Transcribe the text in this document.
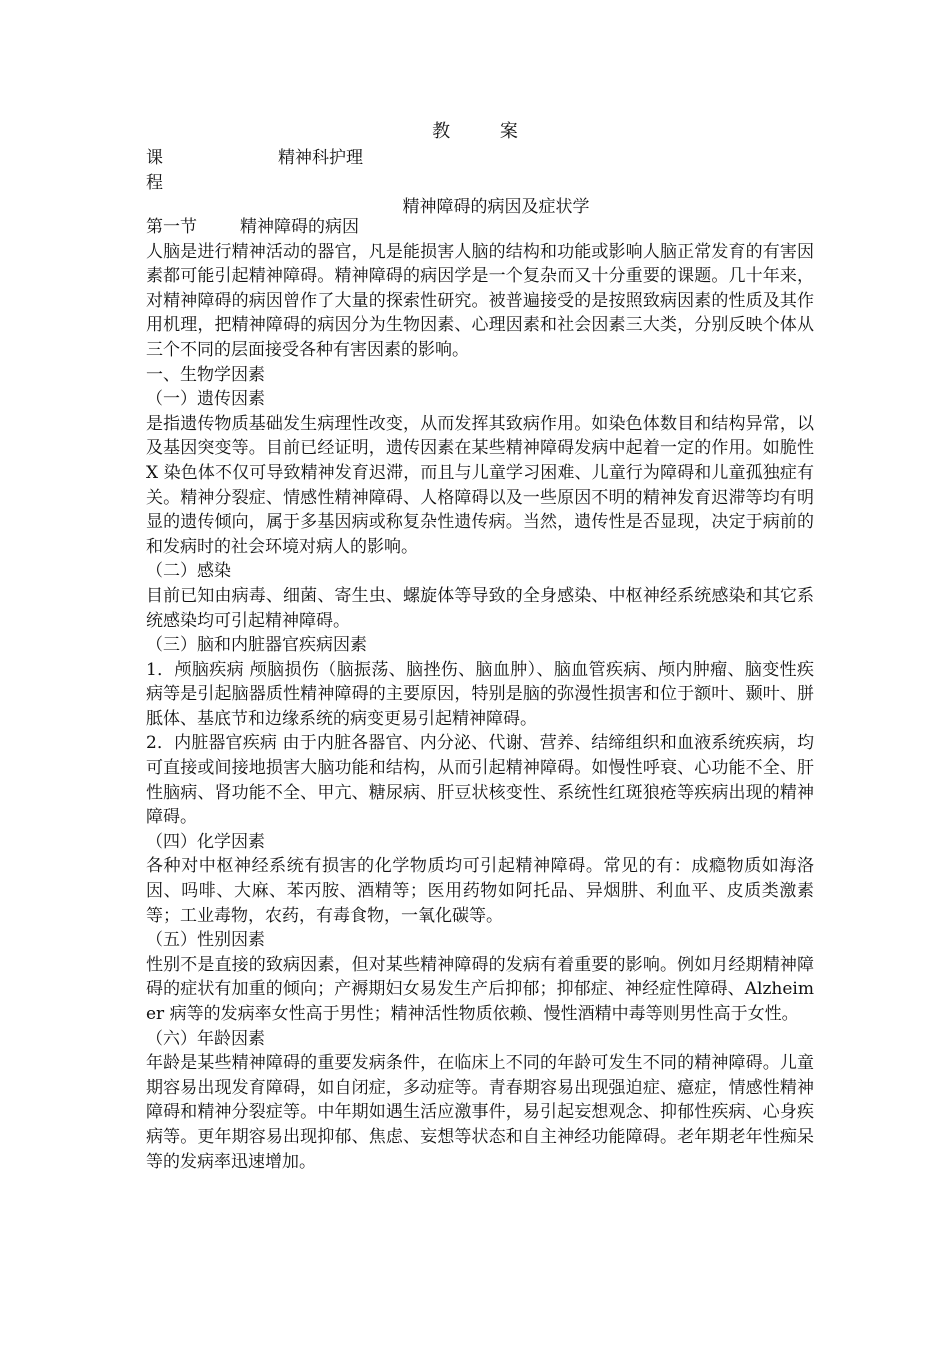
教 案
课 程
精神科护理
精神障碍的病因及症状学
第一节	精神障碍的病因

人脑是进行精神活动的器官，凡是能损害人脑的结构和功能或影响人脑正常发育的有害因素都可能引起精神障碍。精神障碍的病因学是一个复杂而又十分重要的课题。几十年来，对精神障碍的病因曾作了大量的探索性研究。被普遍接受的是按照致病因素的性质及其作用机理，把精神障碍的病因分为生物因素、心理因素和社会因素三大类，分别反映个体从三个不同的层面接受各种有害因素的影响。

一、生物学因素

（一）遗传因素

是指遗传物质基础发生病理性改变，从而发挥其致病作用。如染色体数目和结构异常，以及基因突变等。目前已经证明，遗传因素在某些精神障碍发病中起着一定的作用。如脆性 X 染色体不仅可导致精神发育迟滞，而且与儿童学习困难、儿童行为障碍和儿童孤独症有关。精神分裂症、情感性精神障碍、人格障碍以及一些原因不明的精神发育迟滞等均有明显的遗传倾向，属于多基因病或称复杂性遗传病。当然，遗传性是否显现，决定于病前的和发病时的社会环境对病人的影响。

（二）感染

目前已知由病毒、细菌、寄生虫、螺旋体等导致的全身感染、中枢神经系统感染和其它系统感染均可引起精神障碍。

（三）脑和内脏器官疾病因素

1．颅脑疾病 颅脑损伤（脑振荡、脑挫伤、脑血肿）、脑血管疾病、颅内肿瘤、脑变性疾病等是引起脑器质性精神障碍的主要原因，特别是脑的弥漫性损害和位于额叶、颞叶、胼胝体、基底节和边缘系统的病变更易引起精神障碍。

2．内脏器官疾病 由于内脏各器官、内分泌、代谢、营养、结缔组织和血液系统疾病，均可直接或间接地损害大脑功能和结构，从而引起精神障碍。如慢性呼衰、心功能不全、肝性脑病、肾功能不全、甲亢、糖尿病、肝豆状核变性、系统性红斑狼疮等疾病出现的精神障碍。

（四）化学因素

各种对中枢神经系统有损害的化学物质均可引起精神障碍。常见的有：成瘾物质如海洛因、吗啡、大麻、苯丙胺、酒精等；医用药物如阿托品、异烟肼、利血平、皮质类激素等；工业毒物，农药，有毒食物，一氧化碳等。

（五）性别因素

性别不是直接的致病因素，但对某些精神障碍的发病有着重要的影响。例如月经期精神障碍的症状有加重的倾向；产褥期妇女易发生产后抑郁；抑郁症、神经症性障碍、Alzheimer 病等的发病率女性高于男性；精神活性物质依赖、慢性酒精中毒等则男性高于女性。

（六）年龄因素

年龄是某些精神障碍的重要发病条件，在临床上不同的年龄可发生不同的精神障碍。儿童期容易出现发育障碍，如自闭症，多动症等。青春期容易出现强迫症、癔症，情感性精神障碍和精神分裂症等。中年期如遇生活应激事件，易引起妄想观念、抑郁性疾病、心身疾病等。更年期容易出现抑郁、焦虑、妄想等状态和自主神经功能障碍。老年期老年性痴呆等的发病率迅速增加。
